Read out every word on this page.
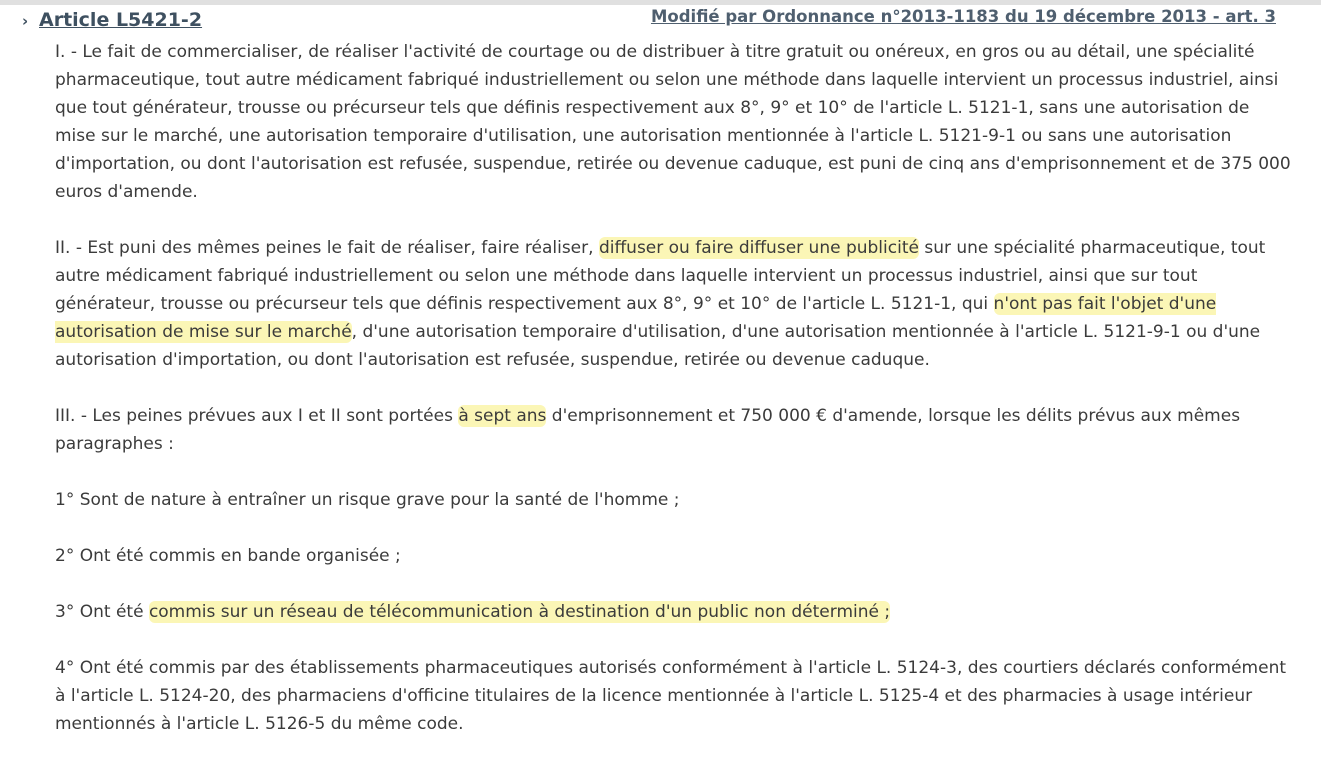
› Article L5421-2	Modifié par Ordonnance n°2013-1183 du 19 décembre 2013 - art. 3

I. - Le fait de commercialiser, de réaliser l'activité de courtage ou de distribuer à titre gratuit ou onéreux, en gros ou au détail, une spécialité pharmaceutique, tout autre médicament fabriqué industriellement ou selon une méthode dans laquelle intervient un processus industriel, ainsi que tout générateur, trousse ou précurseur tels que définis respectivement aux 8°, 9° et 10° de l'article L. 5121-1, sans une autorisation de mise sur le marché, une autorisation temporaire d'utilisation, une autorisation mentionnée à l'article L. 5121-9-1 ou sans une autorisation d'importation, ou dont l'autorisation est refusée, suspendue, retirée ou devenue caduque, est puni de cinq ans d'emprisonnement et de 375 000 euros d'amende.

II. - Est puni des mêmes peines le fait de réaliser, faire réaliser, diffuser ou faire diffuser une publicité sur une spécialité pharmaceutique, tout autre médicament fabriqué industriellement ou selon une méthode dans laquelle intervient un processus industriel, ainsi que sur tout générateur, trousse ou précurseur tels que définis respectivement aux 8°, 9° et 10° de l'article L. 5121-1, qui n'ont pas fait l'objet d'une autorisation de mise sur le marché, d'une autorisation temporaire d'utilisation, d'une autorisation mentionnée à l'article L. 5121-9-1 ou d'une autorisation d'importation, ou dont l'autorisation est refusée, suspendue, retirée ou devenue caduque.

III. - Les peines prévues aux I et II sont portées à sept ans d'emprisonnement et 750 000 € d'amende, lorsque les délits prévus aux mêmes paragraphes :

1° Sont de nature à entraîner un risque grave pour la santé de l'homme ;

2° Ont été commis en bande organisée ;

3° Ont été commis sur un réseau de télécommunication à destination d'un public non déterminé ;

4° Ont été commis par des établissements pharmaceutiques autorisés conformément à l'article L. 5124-3, des courtiers déclarés conformément à l'article L. 5124-20, des pharmaciens d'officine titulaires de la licence mentionnée à l'article L. 5125-4 et des pharmacies à usage intérieur mentionnés à l'article L. 5126-5 du même code.
